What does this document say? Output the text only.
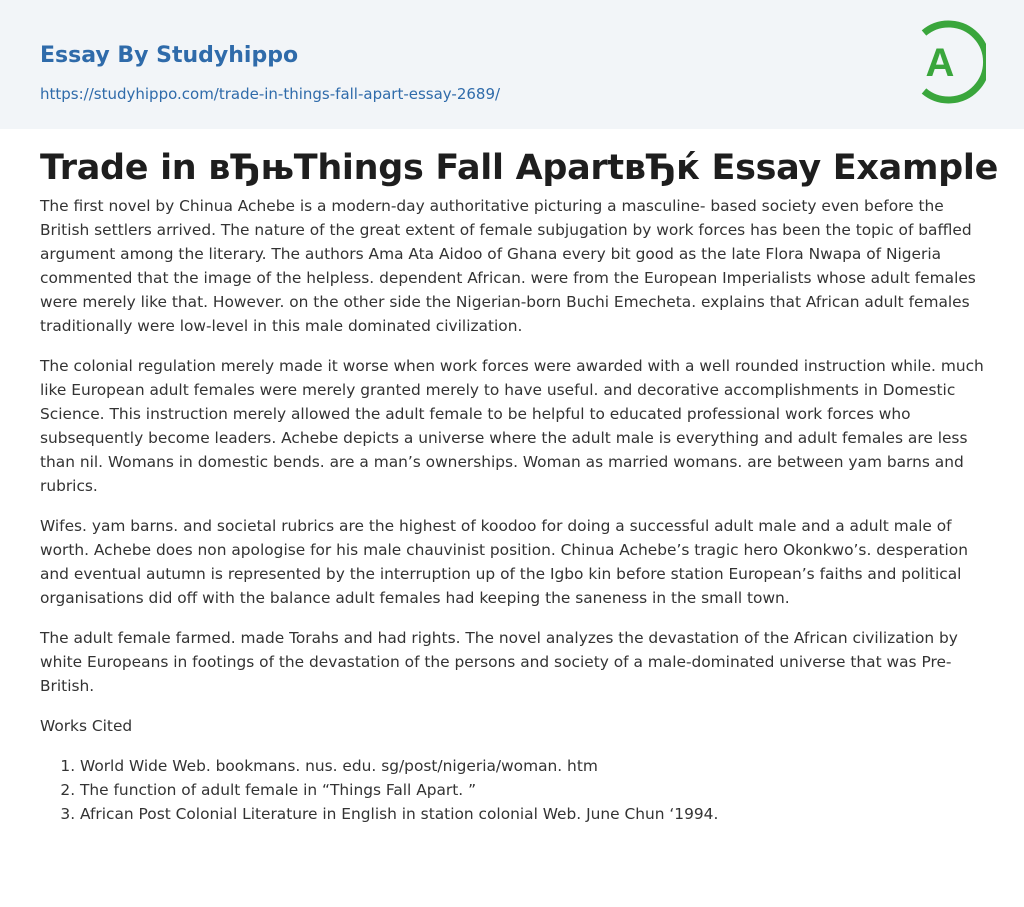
Essay By Studyhippo
https://studyhippo.com/trade-in-things-fall-apart-essay-2689/
A
Trade in вЂњThings Fall ApartвЂќ Essay Example

The first novel by Chinua Achebe is a modern-day authoritative picturing a masculine- based society even before the British settlers arrived. The nature of the great extent of female subjugation by work forces has been the topic of baffled argument among the literary. The authors Ama Ata Aidoo of Ghana every bit good as the late Flora Nwapa of Nigeria commented that the image of the helpless. dependent African. were from the European Imperialists whose adult females were merely like that. However. on the other side the Nigerian-born Buchi Emecheta. explains that African adult females traditionally were low-level in this male dominated civilization.

The colonial regulation merely made it worse when work forces were awarded with a well rounded instruction while. much like European adult females were merely granted merely to have useful. and decorative accomplishments in Domestic Science. This instruction merely allowed the adult female to be helpful to educated professional work forces who subsequently become leaders. Achebe depicts a universe where the adult male is everything and adult females are less than nil. Womans in domestic bends. are a man’s ownerships. Woman as married womans. are between yam barns and rubrics.

Wifes. yam barns. and societal rubrics are the highest of koodoo for doing a successful adult male and a adult male of worth. Achebe does non apologise for his male chauvinist position. Chinua Achebe’s tragic hero Okonkwo’s. desperation and eventual autumn is represented by the interruption up of the Igbo kin before station European’s faiths and political organisations did off with the balance adult females had keeping the saneness in the small town.

The adult female farmed. made Torahs and had rights. The novel analyzes the devastation of the African civilization by white Europeans in footings of the devastation of the persons and society of a male-dominated universe that was Pre-British.

Works Cited
1. World Wide Web. bookmans. nus. edu. sg/post/nigeria/woman. htm
2. The function of adult female in “Things Fall Apart. ”
3. African Post Colonial Literature in English in station colonial Web. June Chun ‘1994.
